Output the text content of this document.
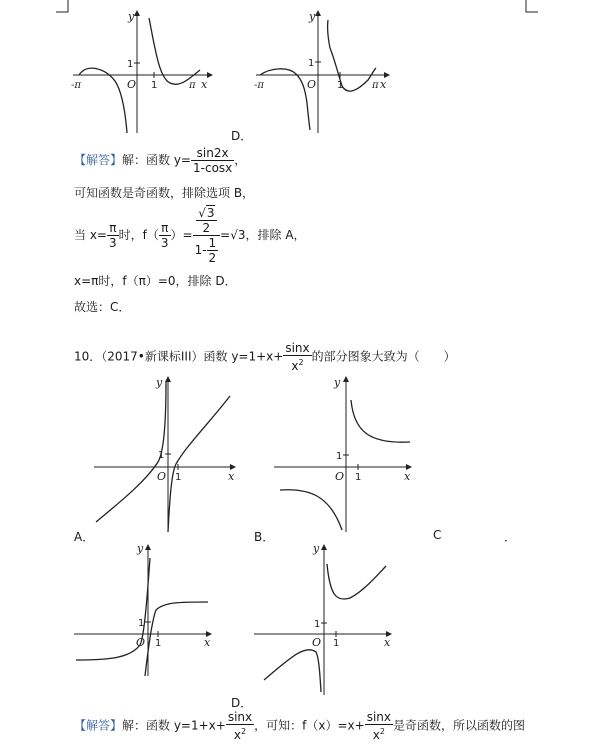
y
x
1
O 1
-π	π
y
x
1
O 1
-π	π
D．
【解答】解：函数 $y= \frac{\sin 2x}{1-\cos x}$ ，
可知函数是奇函数，排除选项 B，
当 $x= \frac{\pi}{3}$ 时，$f( \frac{\pi}{3}$ ）= $\frac{\frac{√3}{2}}{1- \frac{1}{2}} =√3$，排除 A，
x=π时，f（π）=0，排除 D．
故选：C．
10．（2017•新课标III）函数 $y=1+x+ \frac{\sin x}{x^2}$ 的部分图象大致为（　　）
y
x
1
O 1
y
x
1
O 1
A．	B．	C	．
y
x
1
O 1
y
x
1
O 1
D．
【解答】解：函数 $y=1+x+ \frac{\sin x}{x^2}$ ，可知：$f(x)=x+ \frac{\sin x}{x^2}$ 是奇函数，所以函数的图
